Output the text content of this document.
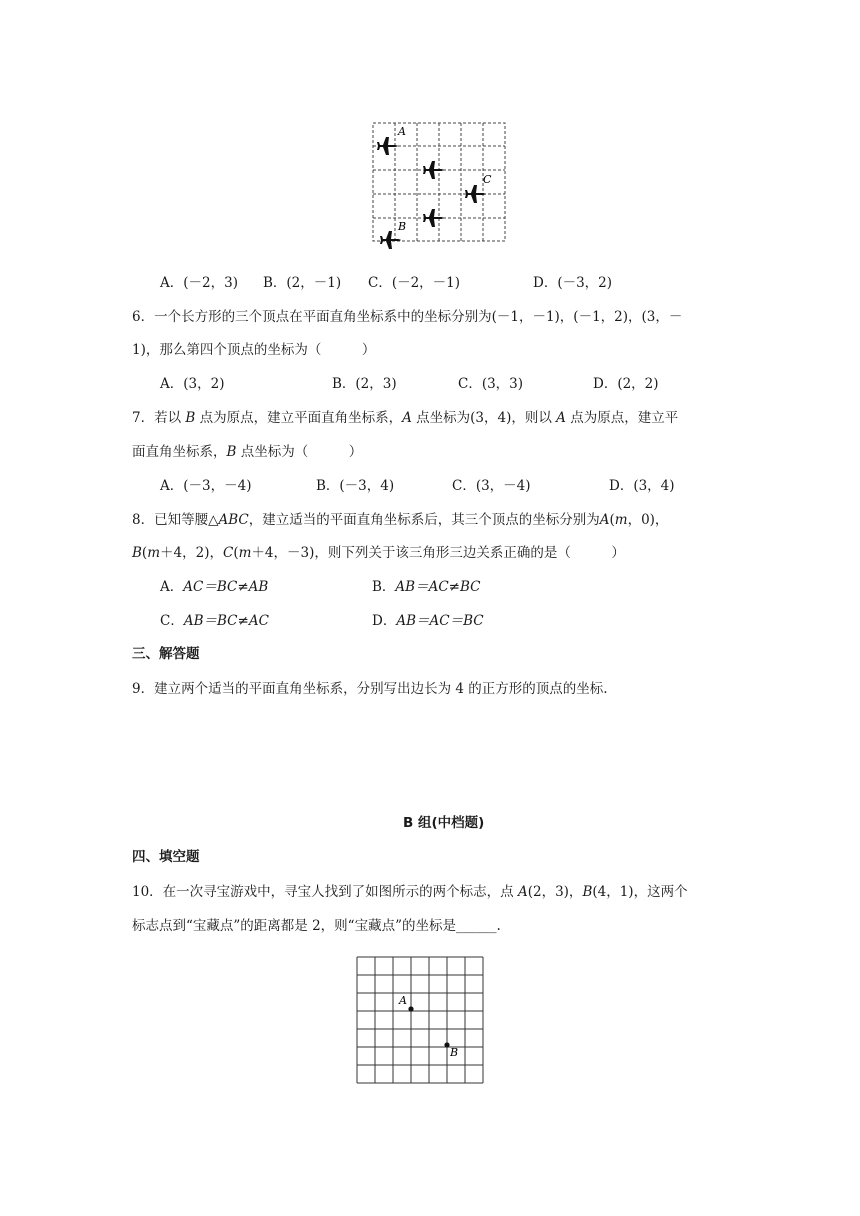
A
C
B
A．(－2，3) B．(2，－1) C．(－2，－1)	D．(－3，2)
6．一个长方形的三个顶点在平面直角坐标系中的坐标分别为(－1，－1)，(－1，2)，(3，－
1)，那么第四个顶点的坐标为（　　　）
A．(3，2)	B．(2，3)	C．(3，3)	D．(2，2)
7．若以 B 点为原点，建立平面直角坐标系，A 点坐标为(3，4)，则以 A 点为原点，建立平
面直角坐标系，B 点坐标为（　　　）
A．(－3，－4)	B．(－3，4)	C．(3，－4)	D．(3，4)
8．已知等腰△ABC，建立适当的平面直角坐标系后，其三个顶点的坐标分别为A(m，0)，
B(m＋4，2)，C(m＋4，－3)，则下列关于该三角形三边关系正确的是（　　　）
A．AC＝BC≠AB	B．AB＝AC≠BC
C．AB＝BC≠AC	D．AB＝AC＝BC
三、解答题
9．建立两个适当的平面直角坐标系，分别写出边长为 4 的正方形的顶点的坐标.
B 组(中档题)
四、填空题
10．在一次寻宝游戏中，寻宝人找到了如图所示的两个标志，点 A(2，3)，B(4，1)，这两个
标志点到“宝藏点”的距离都是 2，则“宝藏点”的坐标是______.
A
B
